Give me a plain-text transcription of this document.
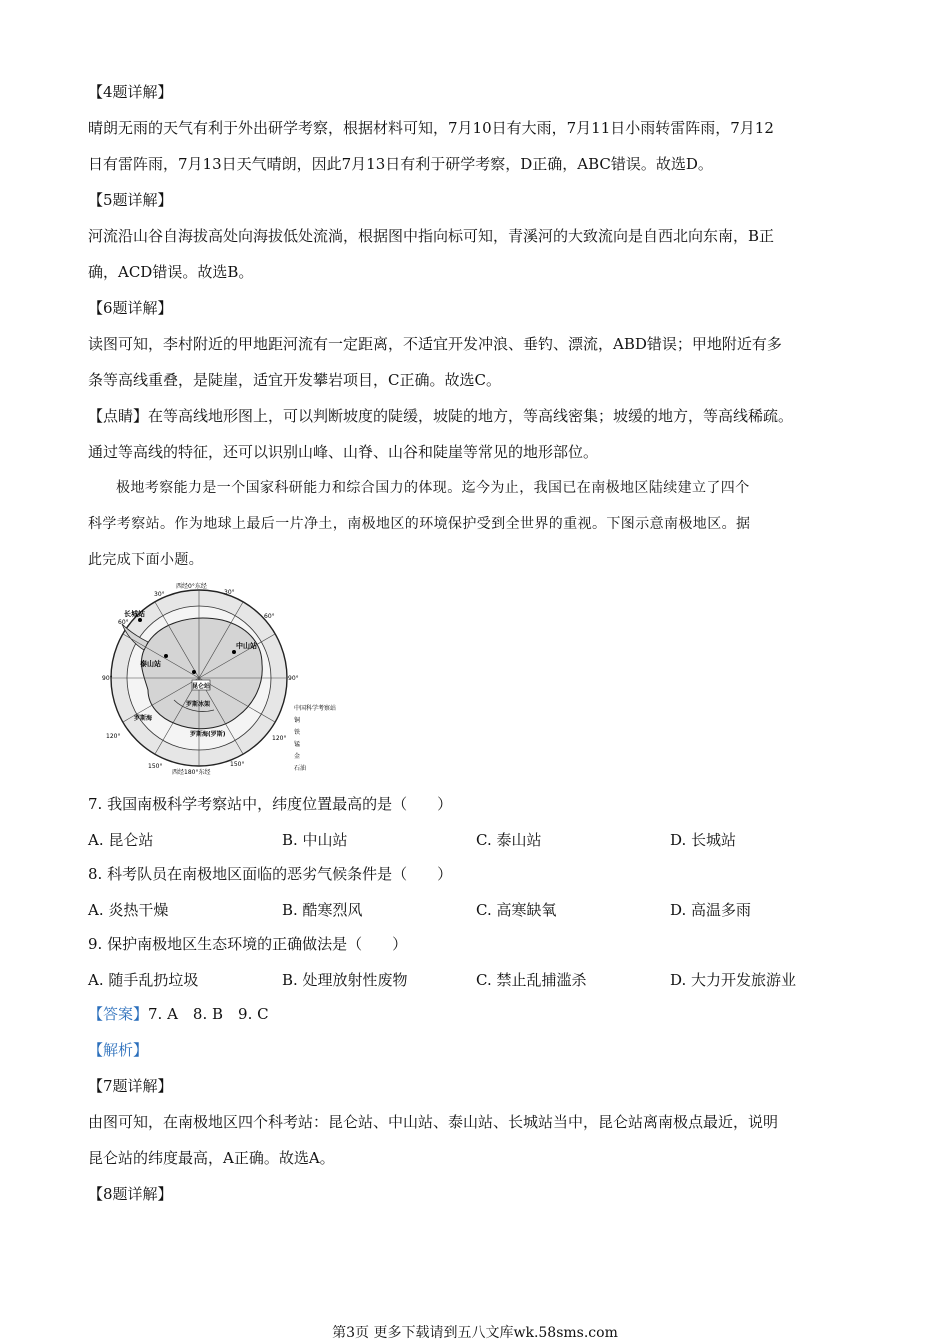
【4题详解】
晴朗无雨的天气有利于外出研学考察，根据材料可知，7月10日有大雨，7月11日小雨转雷阵雨，7月12
日有雷阵雨，7月13日天气晴朗，因此7月13日有利于研学考察，D正确，ABC错误。故选D。
【5题详解】
河流沿山谷自海拔高处向海拔低处流淌，根据图中指向标可知，青溪河的大致流向是自西北向东南，B正
确，ACD错误。故选B。
【6题详解】
读图可知，李村附近的甲地距河流有一定距离，不适宜开发冲浪、垂钓、漂流，ABD错误；甲地附近有多
条等高线重叠，是陡崖，适宜开发攀岩项目，C正确。故选C。
【点睛】在等高线地形图上，可以判断坡度的陡缓，坡陡的地方，等高线密集；坡缓的地方，等高线稀疏。
通过等高线的特征，还可以识别山峰、山脊、山谷和陡崖等常见的地形部位。
极地考察能力是一个国家科研能力和综合国力的体现。迄今为止，我国已在南极地区陆续建立了四个
科学考察站。作为地球上最后一片净土，南极地区的环境保护受到全世界的重视。下图示意南极地区。据
此完成下面小题。
西经0°东经
西经180°东经
30°
60°
90°
120°
150°
30°
60°
90°
120°
150°
长城站
泰山站
昆仑站
中山站
罗斯海
罗斯冰架
罗斯海(罗斯)
中国科学考察站
铜
铁
锰
金
石油
7. 我国南极科学考察站中，纬度位置最高的是（　　）
A. 昆仑站	B. 中山站	C. 泰山站	D. 长城站
8. 科考队员在南极地区面临的恶劣气候条件是（　　）
A. 炎热干燥	B. 酷寒烈风	C. 高寒缺氧	D. 高温多雨
9. 保护南极地区生态环境的正确做法是（　　）
A. 随手乱扔垃圾	B. 处理放射性废物	C. 禁止乱捕滥杀	D. 大力开发旅游业
【答案】7. A　8. B　9. C
【解析】
【7题详解】
由图可知，在南极地区四个科考站：昆仑站、中山站、泰山站、长城站当中，昆仑站离南极点最近，说明
昆仑站的纬度最高，A正确。故选A。
【8题详解】
第3页 更多下载请到五八文库wk.58sms.com
